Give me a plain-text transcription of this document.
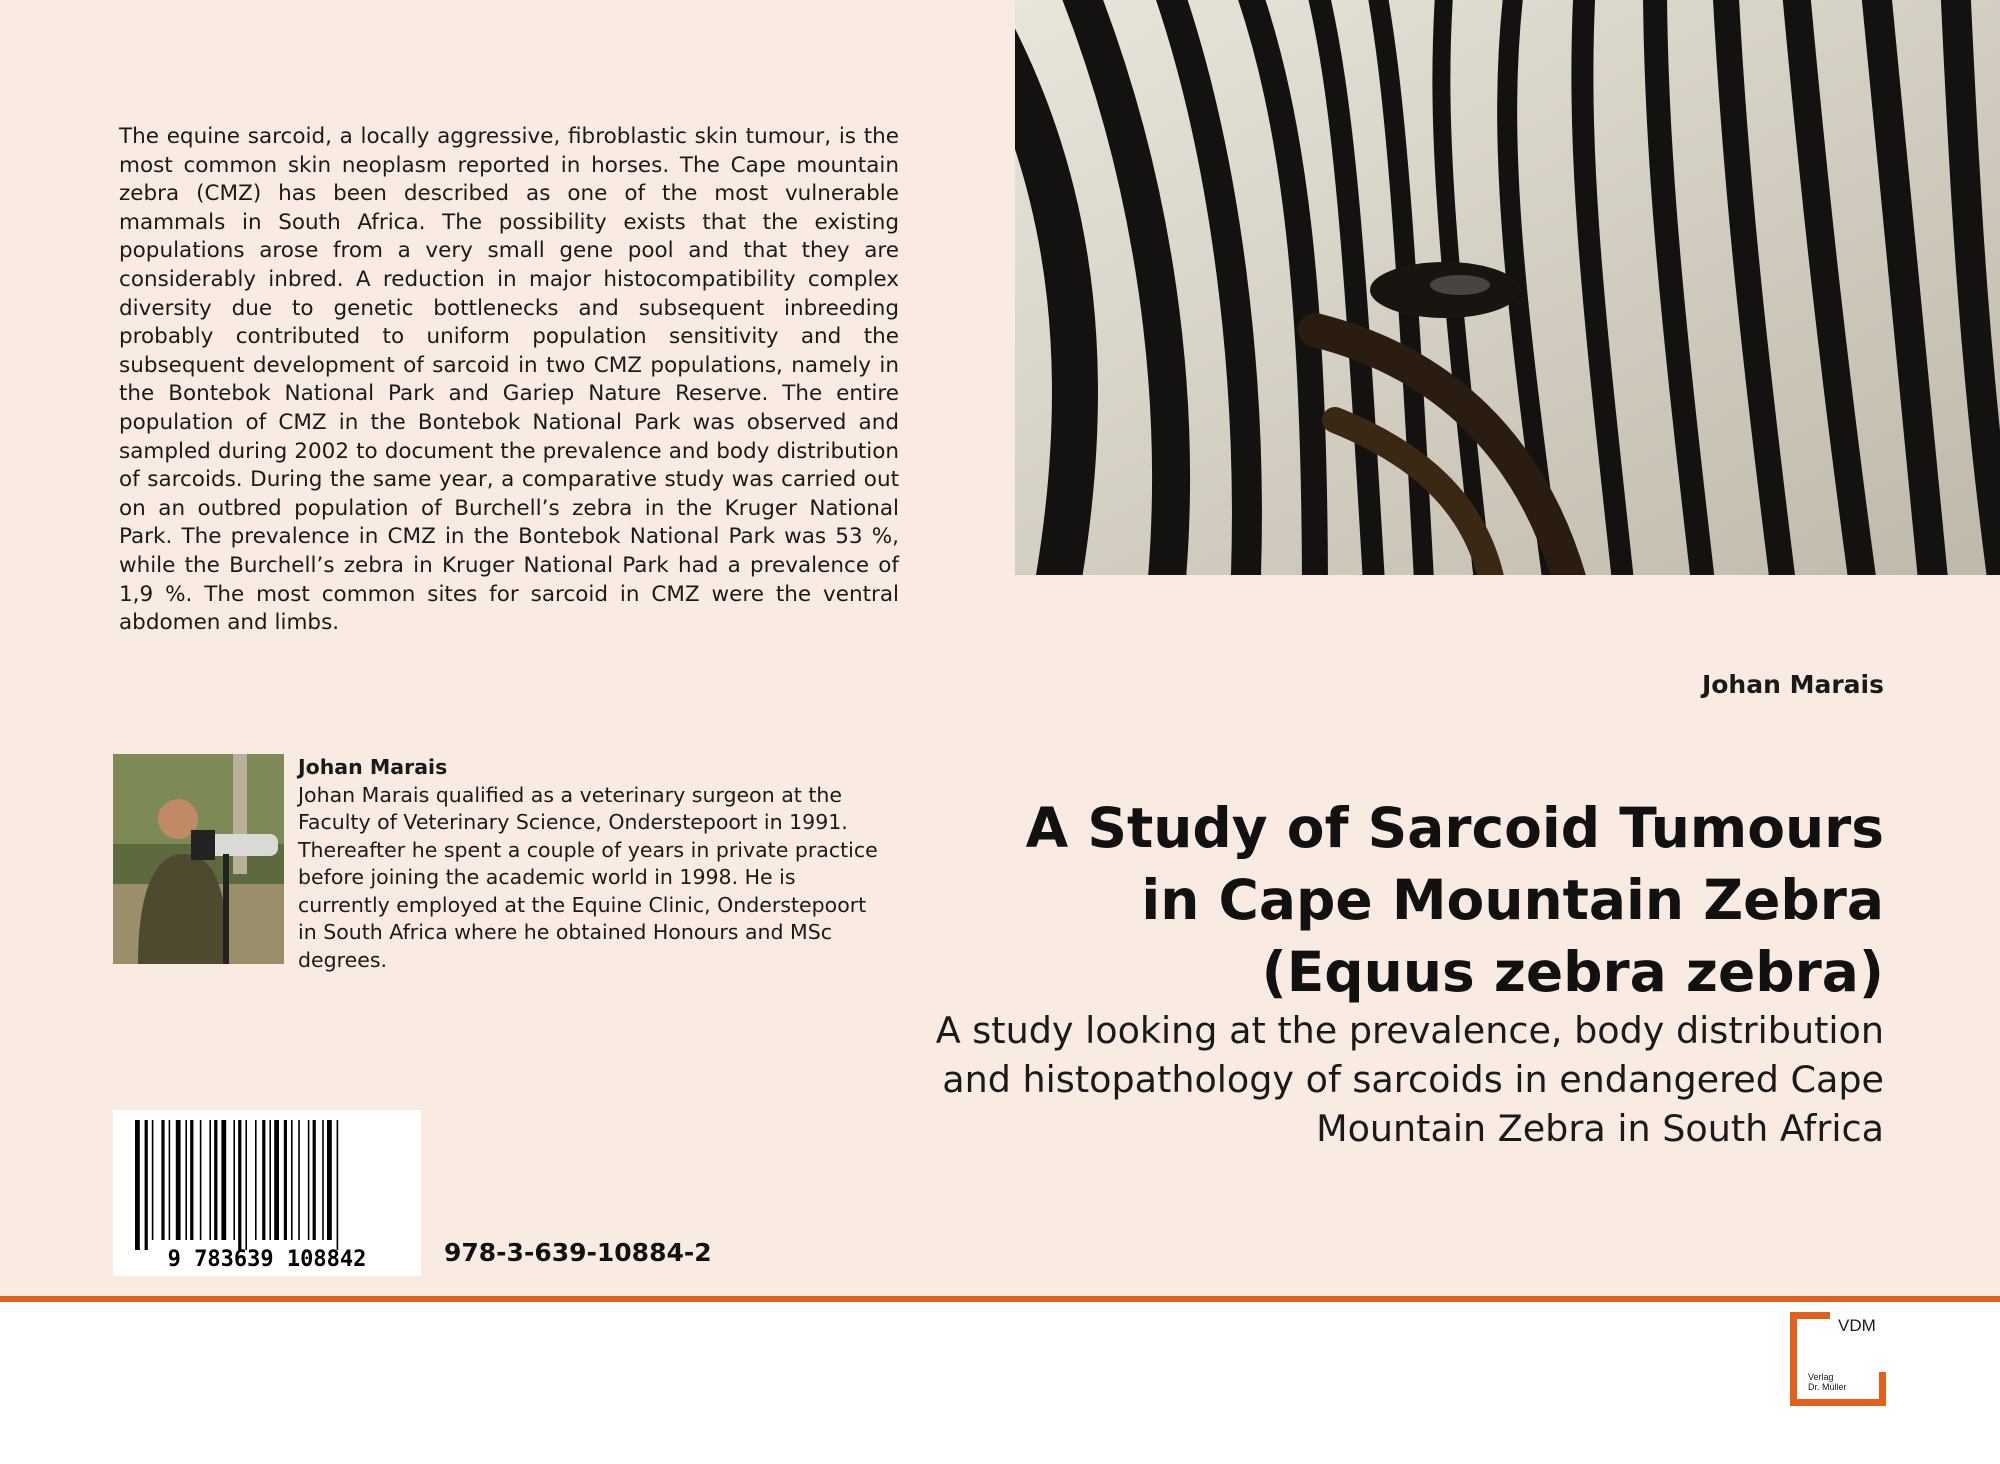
The equine sarcoid, a locally aggressive, fibroblastic skin tumour, is the most common skin neoplasm reported in horses. The Cape mountain zebra (CMZ) has been described as one of the most vulnerable mammals in South Africa. The possibility exists that the existing populations arose from a very small gene pool and that they are considerably inbred. A reduction in major histocompatibility complex diversity due to genetic bottlenecks and subsequent inbreeding probably contributed to uniform population sensitivity and the subsequent development of sarcoid in two CMZ populations, namely in the Bontebok National Park and Gariep Nature Reserve. The entire population of CMZ in the Bontebok National Park was observed and sampled during 2002 to document the prevalence and body distribution of sarcoids. During the same year, a comparative study was carried out on an outbred population of Burchell’s zebra in the Kruger National Park. The prevalence in CMZ in the Bontebok National Park was 53 %, while the Burchell’s zebra in Kruger National Park had a prevalence of 1,9 %. The most common sites for sarcoid in CMZ were the ventral abdomen and limbs.

Johan Marais

Johan Marais
Johan Marais qualified as a veterinary surgeon at the Faculty of Veterinary Science, Onderstepoort in 1991. Thereafter he spent a couple of years in private practice before joining the academic world in 1998. He is currently employed at the Equine Clinic, Onderstepoort in South Africa where he obtained Honours and MSc degrees.

A Study of Sarcoid Tumours
in Cape Mountain Zebra
(Equus zebra zebra)

A study looking at the prevalence, body distribution and histopathology of sarcoids in endangered Cape Mountain Zebra in South Africa

9 783639 108842	978-3-639-10884-2

VDM
Verlag
Dr. Müller
